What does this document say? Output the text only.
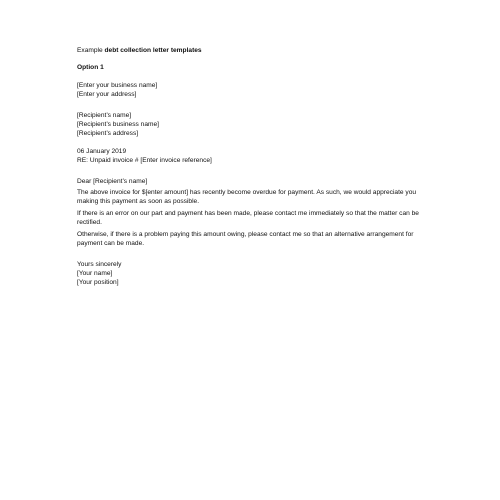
Example debt collection letter templates
Option 1
[Enter your business name]
[Enter your address]
[Recipient’s name]
[Recipient’s business name]
[Recipient’s address]
06 January 2019
RE: Unpaid invoice # [Enter invoice reference]
Dear [Recipient’s name]
The above invoice for $[enter amount] has recently become overdue for payment. As such, we would appreciate you making this payment as soon as possible.
If there is an error on our part and payment has been made, please contact me immediately so that the matter can be rectified.
Otherwise, if there is a problem paying this amount owing, please contact me so that an alternative arrangement for payment can be made.
Yours sincerely
[Your name]
[Your position]
